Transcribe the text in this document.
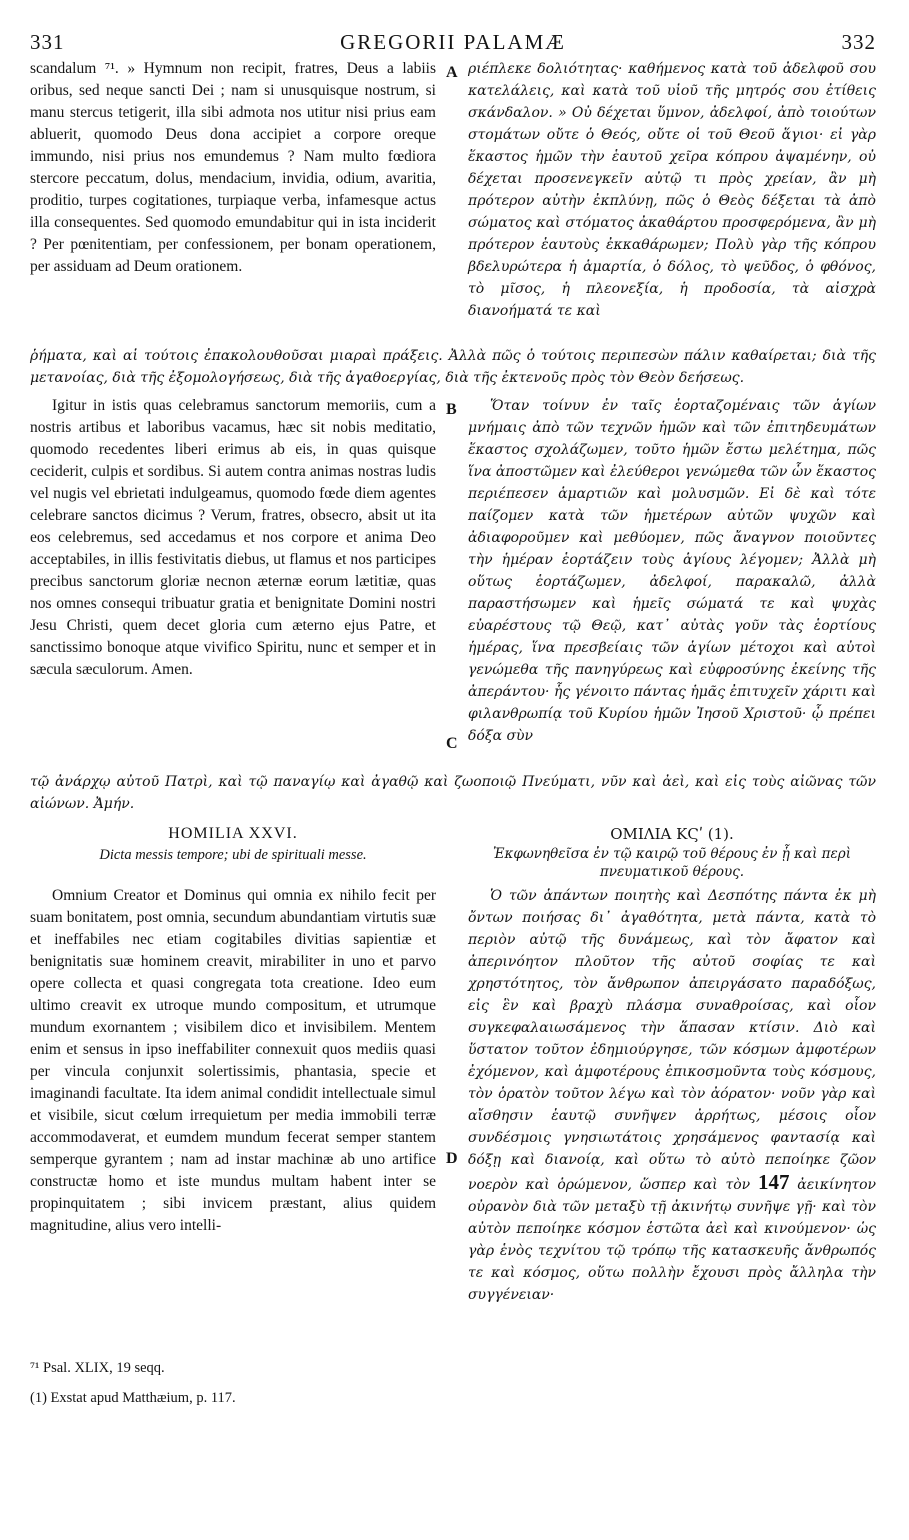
331	GREGORII PALAMÆ	332

scandalum ⁷¹. » Hymnum non recipit, fratres, Deus a labiis oribus, sed neque sancti Dei ; nam si unusquisque nostrum, si manu stercus tetigerit, illa sibi admota nos utitur nisi prius eam abluerit, quomodo Deus dona accipiet a corpore oreque immundo, nisi prius nos emundemus ? Nam multo fœdiora stercore peccatum, dolus, mendacium, invidia, odium, avaritia, proditio, turpes cogitationes, turpiaque verba, infamesque actus illa consequentes. Sed quomodo emundabitur qui in ista inciderit ? Per pœnitentiam, per confessionem, per bonam operationem, per assiduam ad Deum orationem.

A ριέπλεκε δολιότητας· καθήμενος κατὰ τοῦ ἀδελφοῦ σου κατελάλεις, καὶ κατὰ τοῦ υἱοῦ τῆς μητρός σου ἐτίθεις σκάνδαλον. » Οὐ δέχεται ὕμνον, ἀδελφοί, ἀπὸ τοιούτων στομάτων οὔτε ὁ Θεός, οὔτε οἱ τοῦ Θεοῦ ἅγιοι· εἰ γὰρ ἕκαστος ἡμῶν τὴν ἑαυτοῦ χεῖρα κόπρου ἀψαμένην, οὐ δέχεται προσενεγκεῖν αὐτῷ τι πρὸς χρείαν, ἂν μὴ πρότερον αὐτὴν ἐκπλύνῃ, πῶς ὁ Θεὸς δέξεται τὰ ἀπὸ σώματος καὶ στόματος ἀκαθάρτου προσφερόμενα, ἂν μὴ πρότερον ἑαυτοὺς ἐκκαθάρωμεν; Πολὺ γὰρ τῆς κόπρου βδελυρώτερα ἡ ἁμαρτία, ὁ δόλος, τὸ ψεῦδος, ὁ φθόνος, τὸ μῖσος, ἡ πλεονεξία, ἡ προδοσία, τὰ αἰσχρὰ διανοήματά τε καὶ

ῥήματα, καὶ αἱ τούτοις ἐπακολουθοῦσαι μιαραὶ πράξεις. Ἀλλὰ πῶς ὁ τούτοις περιπεσὼν πάλιν καθαίρεται; διὰ τῆς μετανοίας, διὰ τῆς ἐξομολογήσεως, διὰ τῆς ἀγαθοεργίας, διὰ τῆς ἐκτενοῦς πρὸς τὸν Θεὸν δεήσεως.

Igitur in istis quas celebramus sanctorum memoriis, cum a nostris artibus et laboribus vacamus, hæc sit nobis meditatio, quomodo recedentes liberi erimus ab eis, in quas quisque ceciderit, culpis et sordibus. Si autem contra animas nostras ludis vel nugis vel ebrietati indulgeamus, quomodo fœde diem agentes celebrare sanctos dicimus ? Verum, fratres, obsecro, absit ut ita eos celebremus, sed accedamus et nos corpore et anima Deo acceptabiles, in illis festivitatis diebus, ut flamus et nos participes precibus sanctorum gloriæ necnon æternæ eorum lætitiæ, quas nos omnes consequi tribuatur gratia et benignitate Domini nostri Jesu Christi, quem decet gloria cum æterno ejus Patre, et sanctissimo bonoque atque vivifico Spiritu, nunc et semper et in sæcula sæculorum. Amen.

B
C

Ὅταν τοίνυν ἐν ταῖς ἑορταζομέναις τῶν ἁγίων μνήμαις ἀπὸ τῶν τεχνῶν ἡμῶν καὶ τῶν ἐπιτηδευμάτων ἕκαστος σχολάζωμεν, τοῦτο ἡμῶν ἔστω μελέτημα, πῶς ἵνα ἀποστῶμεν καὶ ἐλεύθεροι γενώμεθα τῶν ὧν ἕκαστος περιέπεσεν ἁμαρτιῶν καὶ μολυσμῶν. Εἰ δὲ καὶ τότε παίζομεν κατὰ τῶν ἡμετέρων αὐτῶν ψυχῶν καὶ ἀδιαφοροῦμεν καὶ μεθύομεν, πῶς ἄναγνον ποιοῦντες τὴν ἡμέραν ἑορτάζειν τοὺς ἁγίους λέγομεν; Ἀλλὰ μὴ οὕτως ἑορτάζωμεν, ἀδελφοί, παρακαλῶ, ἀλλὰ παραστήσωμεν καὶ ἡμεῖς σώματά τε καὶ ψυχὰς εὐαρέστους τῷ Θεῷ, κατ᾽ αὐτὰς γοῦν τὰς ἑορτίους ἡμέρας, ἵνα πρεσβείαις τῶν ἁγίων μέτοχοι καὶ αὐτοὶ γενώμεθα τῆς πανηγύρεως καὶ εὐφροσύνης ἐκείνης τῆς ἀπεράντου· ἧς γένοιτο πάντας ἡμᾶς ἐπιτυχεῖν χάριτι καὶ φιλανθρωπίᾳ τοῦ Κυρίου ἡμῶν Ἰησοῦ Χριστοῦ· ᾧ πρέπει δόξα σὺν

τῷ ἀνάρχῳ αὐτοῦ Πατρὶ, καὶ τῷ παναγίῳ καὶ ἀγαθῷ καὶ ζωοποιῷ Πνεύματι, νῦν καὶ ἀεὶ, καὶ εἰς τοὺς αἰῶνας τῶν αἰώνων. Ἀμήν.

HOMILIA XXVI.
Dicta messis tempore; ubi de spirituali messe.
ΟΜΙΛΙΑ ΚϚʹ (1).
Ἐκφωνηθεῖσα ἐν τῷ καιρῷ τοῦ θέρους ἐν ᾗ καὶ περὶ πνευματικοῦ θέρους.

Omnium Creator et Dominus qui omnia ex nihilo fecit per suam bonitatem, post omnia, secundum abundantiam virtutis suæ et ineffabiles nec etiam cogitabiles divitias sapientiæ et benignitatis suæ hominem creavit, mirabiliter in uno et parvo opere collecta et quasi congregata tota creatione. Ideo eum ultimo creavit ex utroque mundo compositum, et utrumque mundum exornantem ; visibilem dico et invisibilem. Mentem enim et sensus in ipso ineffabiliter connexuit quos mediis quasi per vincula conjunxit solertissimis, phantasia, specie et imaginandi facultate. Ita idem animal condidit intellectuale simul et visibile, sicut cœlum irrequietum per media immobili terræ accommodaverat, et eumdem mundum fecerat semper stantem semperque gyrantem ; nam ad instar machinæ ab uno artifice constructæ homo et iste mundus multam habent inter se propinquitatem ; sibi invicem præstant, alius quidem magnitudine, alius vero intelli-

D
Ὁ τῶν ἁπάντων ποιητὴς καὶ Δεσπότης πάντα ἐκ μὴ ὄντων ποιήσας δι᾽ ἀγαθότητα, μετὰ πάντα, κατὰ τὸ περιὸν αὐτῷ τῆς δυνάμεως, καὶ τὸν ἄφατον καὶ ἀπερινόητον πλοῦτον τῆς αὐτοῦ σοφίας τε καὶ χρηστότητος, τὸν ἄνθρωπον ἀπειργάσατο παραδόξως, εἰς ἓν καὶ βραχὺ πλάσμα συναθροίσας, καὶ οἷον συγκεφαλαιωσάμενος τὴν ἅπασαν κτίσιν. Διὸ καὶ ὕστατον τοῦτον ἐδημιούργησε, τῶν κόσμων ἀμφοτέρων ἐχόμενον, καὶ ἀμφοτέρους ἐπικοσμοῦντα τοὺς κόσμους, τὸν ὁρατὸν τοῦτον λέγω καὶ τὸν ἀόρατον· νοῦν γὰρ καὶ αἴσθησιν ἑαυτῷ συνῆψεν ἀρρήτως, μέσοις οἷον συνδέσμοις γνησιωτάτοις χρησάμενος φαντασίᾳ καὶ δόξῃ καὶ διανοίᾳ, καὶ οὕτω τὸ αὐτὸ πεποίηκε ζῶον νοερὸν καὶ ὁρώμενον, ὥσπερ καὶ τὸν 147 ἀεικίνητον οὐρανὸν διὰ τῶν μεταξὺ τῇ ἀκινήτῳ συνῆψε γῇ· καὶ τὸν αὐτὸν πεποίηκε κόσμον ἑστῶτα ἀεὶ καὶ κινούμενον· ὡς γὰρ ἑνὸς τεχνίτου τῷ τρόπῳ τῆς κατασκευῆς ἄνθρωπός τε καὶ κόσμος, οὕτω πολλὴν ἔχουσι πρὸς ἄλληλα τὴν συγγένειαν·
⁷¹ Psal. XLIX, 19 seqq.
(1) Exstat apud Matthæium, p. 117.
